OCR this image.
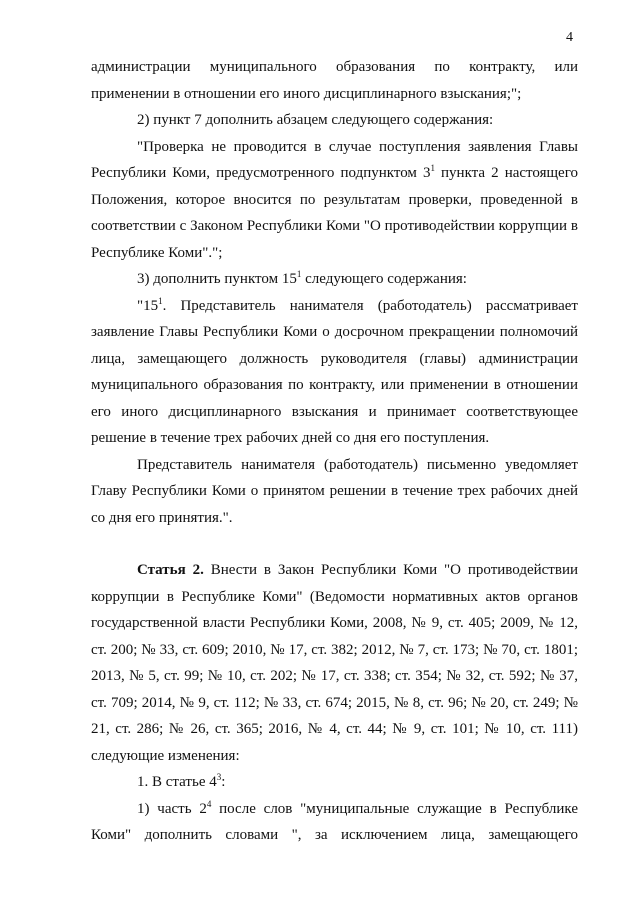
4

администрации муниципального образования по контракту, или применении в отношении его иного дисциплинарного взыскания;";

2) пункт 7 дополнить абзацем следующего содержания:

"Проверка не проводится в случае поступления заявления Главы Республики Коми, предусмотренного подпунктом $3^1$ пункта 2 настоящего Положения, которое вносится по результатам проверки, проведенной в соответствии с Законом Республики Коми "О противодействии коррупции в Республике Коми".";

3) дополнить пунктом $15^1$ следующего содержания:

"$15^1$. Представитель нанимателя (работодатель) рассматривает заявление Главы Республики Коми о досрочном прекращении полномочий лица, замещающего должность руководителя (главы) администрации муниципального образования по контракту, или применении в отношении его иного дисциплинарного взыскания и принимает соответствующее решение в течение трех рабочих дней со дня его поступления.

Представитель нанимателя (работодатель) письменно уведомляет Главу Республики Коми о принятом решении в течение трех рабочих дней со дня его принятия.".

Статья 2. Внести в Закон Республики Коми "О противодействии коррупции в Республике Коми" (Ведомости нормативных актов органов государственной власти Республики Коми, 2008, № 9, ст. 405; 2009, № 12, ст. 200; № 33, ст. 609; 2010, № 17, ст. 382; 2012, № 7, ст. 173; № 70, ст. 1801; 2013, № 5, ст. 99; № 10, ст. 202; № 17, ст. 338; ст. 354; № 32, ст. 592; № 37, ст. 709; 2014, № 9, ст. 112; № 33, ст. 674; 2015, № 8, ст. 96; № 20, ст. 249; № 21, ст. 286; № 26, ст. 365; 2016, № 4, ст. 44; № 9, ст. 101; № 10, ст. 111) следующие изменения:

1. В статье $4^3$:

1) часть $2^4$ после слов "муниципальные служащие в Республике Коми" дополнить словами ", за исключением лица, замещающего
